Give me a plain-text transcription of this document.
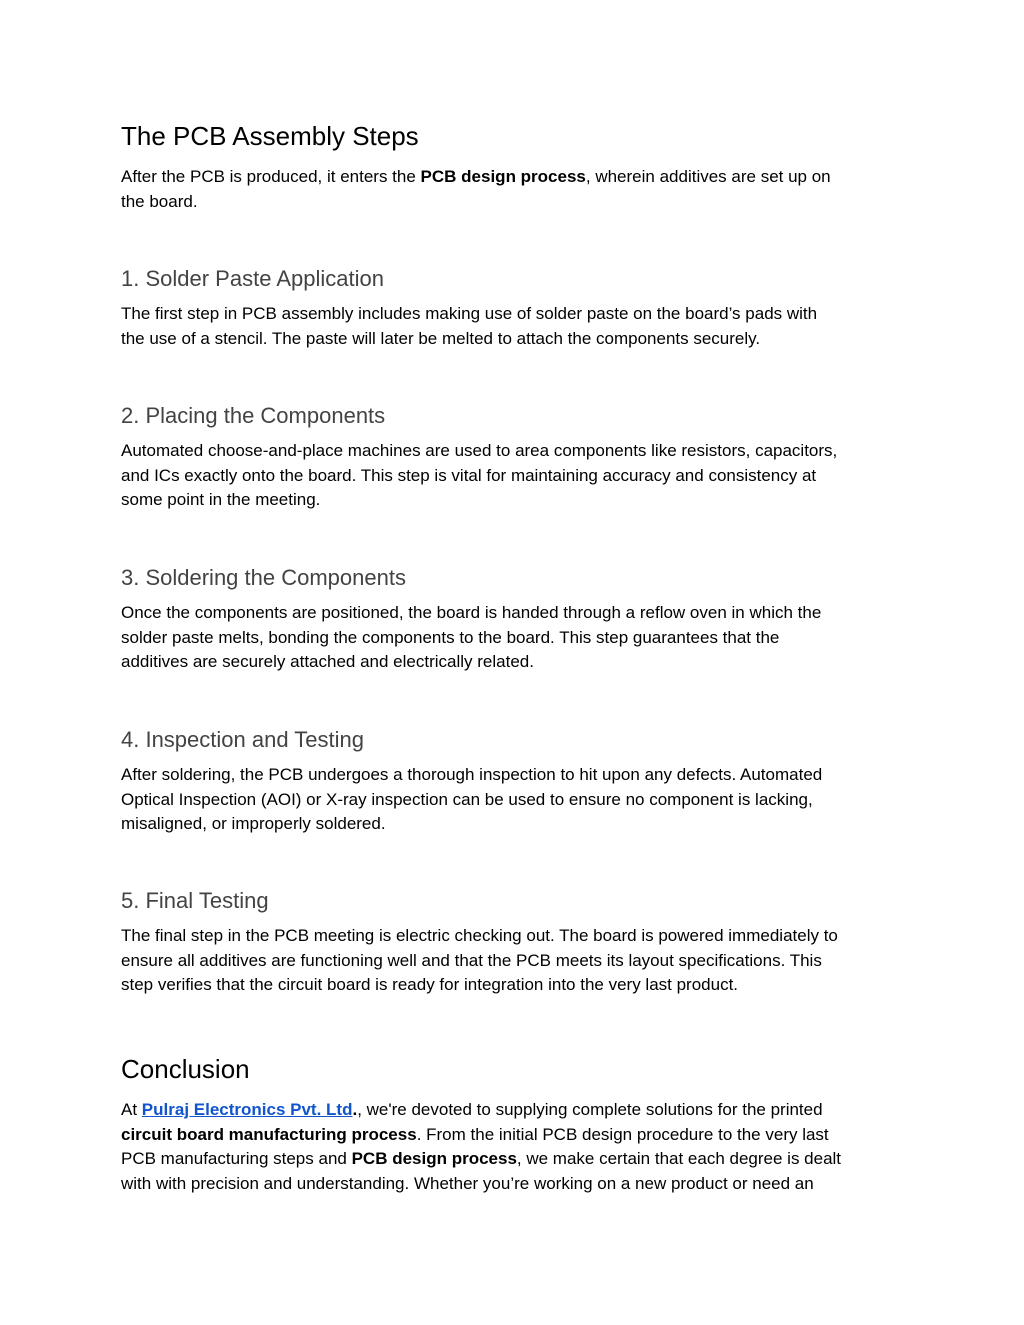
The PCB Assembly Steps

After the PCB is produced, it enters the PCB design process, wherein additives are set up on
the board.

1. Solder Paste Application

The first step in PCB assembly includes making use of solder paste on the board’s pads with
the use of a stencil. The paste will later be melted to attach the components securely.

2. Placing the Components

Automated choose-and-place machines are used to area components like resistors, capacitors,
and ICs exactly onto the board. This step is vital for maintaining accuracy and consistency at
some point in the meeting.

3. Soldering the Components

Once the components are positioned, the board is handed through a reflow oven in which the
solder paste melts, bonding the components to the board. This step guarantees that the
additives are securely attached and electrically related.

4. Inspection and Testing

After soldering, the PCB undergoes a thorough inspection to hit upon any defects. Automated
Optical Inspection (AOI) or X-ray inspection can be used to ensure no component is lacking,
misaligned, or improperly soldered.

5. Final Testing

The final step in the PCB meeting is electric checking out. The board is powered immediately to
ensure all additives are functioning well and that the PCB meets its layout specifications. This
step verifies that the circuit board is ready for integration into the very last product.

Conclusion

At Pulraj Electronics Pvt. Ltd., we're devoted to supplying complete solutions for the printed
circuit board manufacturing process. From the initial PCB design procedure to the very last
PCB manufacturing steps and PCB design process, we make certain that each degree is dealt
with with precision and understanding. Whether you’re working on a new product or need an
